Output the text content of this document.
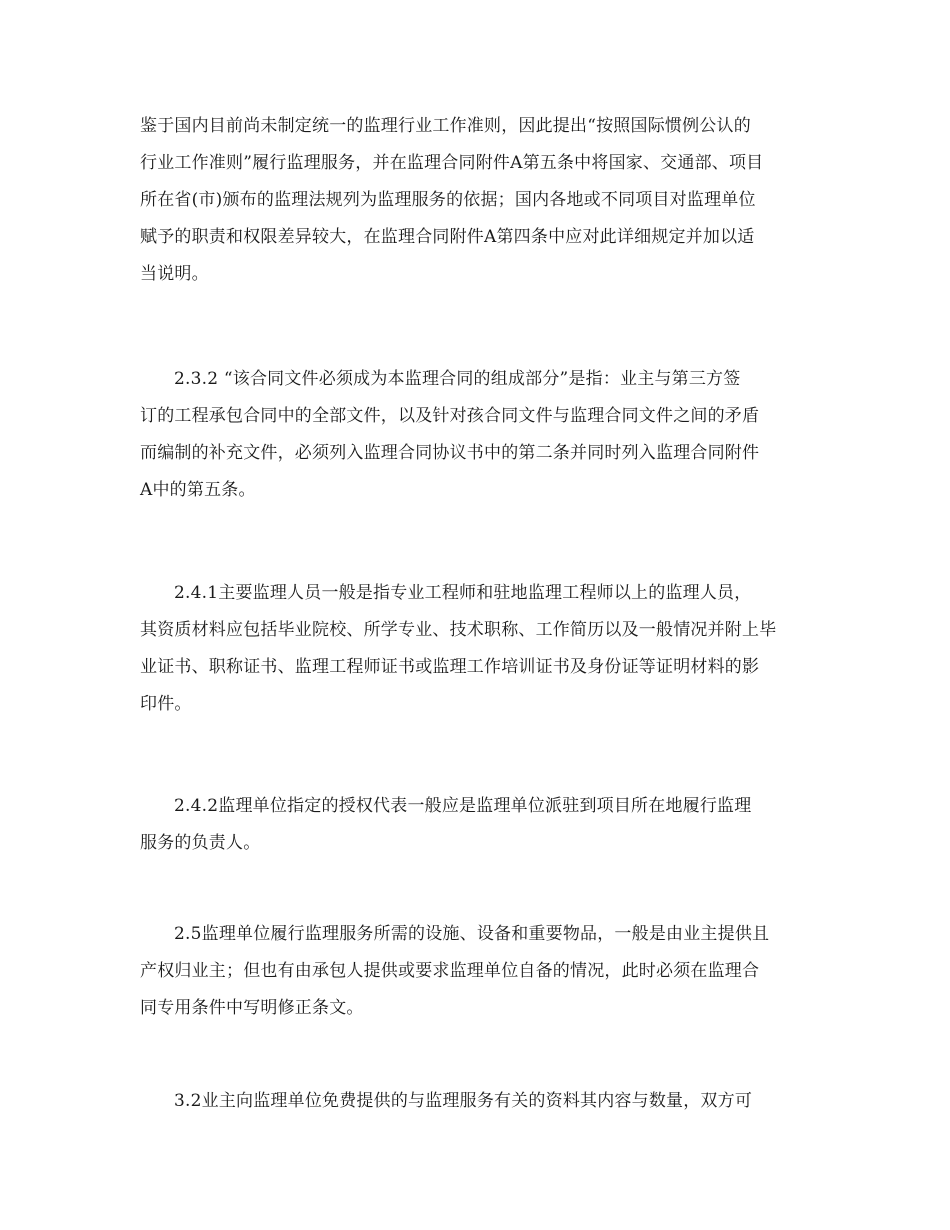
鉴于国内目前尚未制定统一的监理行业工作准则，因此提出“按照国际惯例公认的
行业工作准则”履行监理服务，并在监理合同附件A第五条中将国家、交通部、项目
所在省(市)颁布的监理法规列为监理服务的依据；国内各地或不同项目对监理单位
赋予的职责和权限差异较大，在监理合同附件A第四条中应对此详细规定并加以适
当说明。
2.3.2 “该合同文件必须成为本监理合同的组成部分”是指：业主与第三方签
订的工程承包合同中的全部文件，以及针对孩合同文件与监理合同文件之间的矛盾
而编制的补充文件，必须列入监理合同协议书中的第二条并同时列入监理合同附件
A中的第五条。
2.4.1主要监理人员一般是指专业工程师和驻地监理工程师以上的监理人员，
其资质材料应包括毕业院校、所学专业、技术职称、工作简历以及一般情况并附上毕
业证书、职称证书、监理工程师证书或监理工作培训证书及身份证等证明材料的影
印件。
2.4.2监理单位指定的授权代表一般应是监理单位派驻到项目所在地履行监理
服务的负责人。
2.5监理单位履行监理服务所需的设施、设备和重要物品，一般是由业主提供且
产权归业主；但也有由承包人提供或要求监理单位自备的情况，此时必须在监理合
同专用条件中写明修正条文。
3.2业主向监理单位免费提供的与监理服务有关的资料其内容与数量，双方可
